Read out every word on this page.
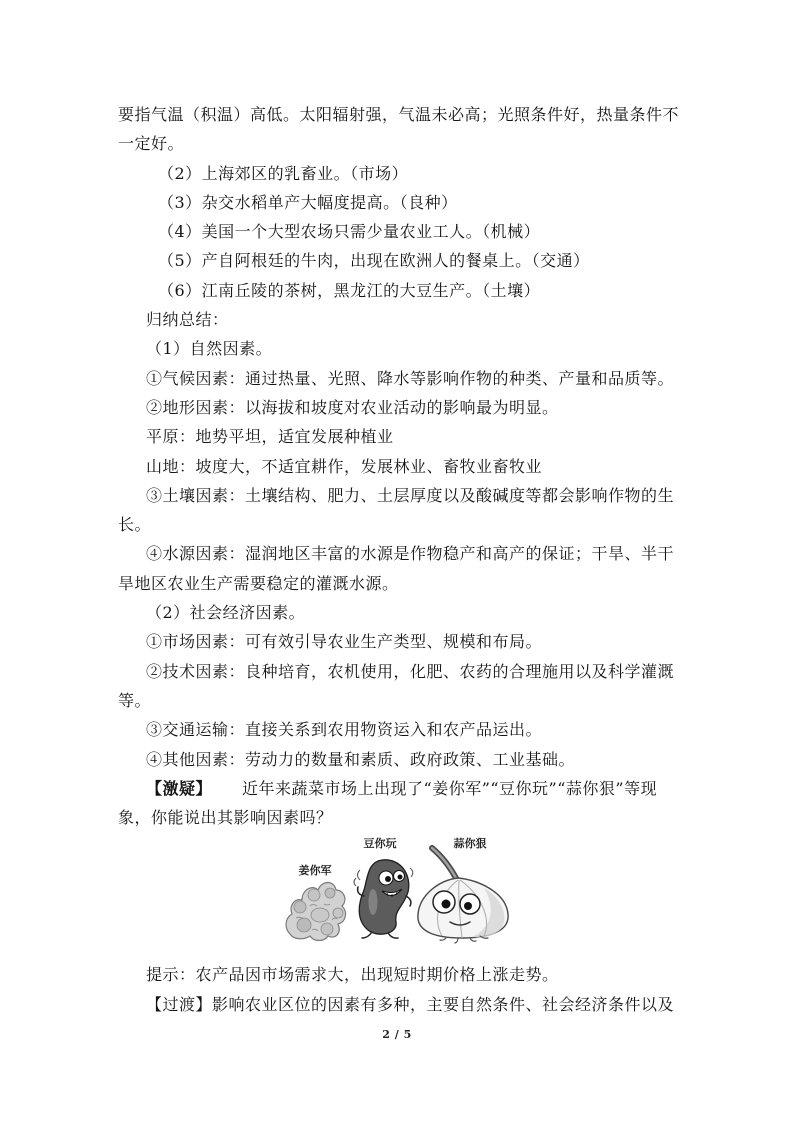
要指气温（积温）高低。太阳辐射强，气温未必高；光照条件好，热量条件不
一定好。
（2）上海郊区的乳畜业。（市场）
（3）杂交水稻单产大幅度提高。（良种）
（4）美国一个大型农场只需少量农业工人。（机械）
（5）产自阿根廷的牛肉，出现在欧洲人的餐桌上。（交通）
（6）江南丘陵的茶树，黑龙江的大豆生产。（土壤）
归纳总结：
（1）自然因素。
①气候因素：通过热量、光照、降水等影响作物的种类、产量和品质等。
②地形因素：以海拔和坡度对农业活动的影响最为明显。
平原：地势平坦，适宜发展种植业
山地：坡度大，不适宜耕作，发展林业、畜牧业畜牧业
③土壤因素：土壤结构、肥力、土层厚度以及酸碱度等都会影响作物的生
长。
④水源因素：湿润地区丰富的水源是作物稳产和高产的保证；干旱、半干
旱地区农业生产需要稳定的灌溉水源。
（2）社会经济因素。
①市场因素：可有效引导农业生产类型、规模和布局。
②技术因素：良种培育，农机使用，化肥、农药的合理施用以及科学灌溉
等。
③交通运输：直接关系到农用物资运入和农产品运出。
④其他因素：劳动力的数量和素质、政府政策、工业基础。
【激疑】 近年来蔬菜市场上出现了“姜你军”“豆你玩”“蒜你狠”等现
象，你能说出其影响因素吗？
姜你军
豆你玩	蒜你狠
提示：农产品因市场需求大，出现短时期价格上涨走势。
【过渡】影响农业区位的因素有多种，主要自然条件、社会经济条件以及
2 / 5
